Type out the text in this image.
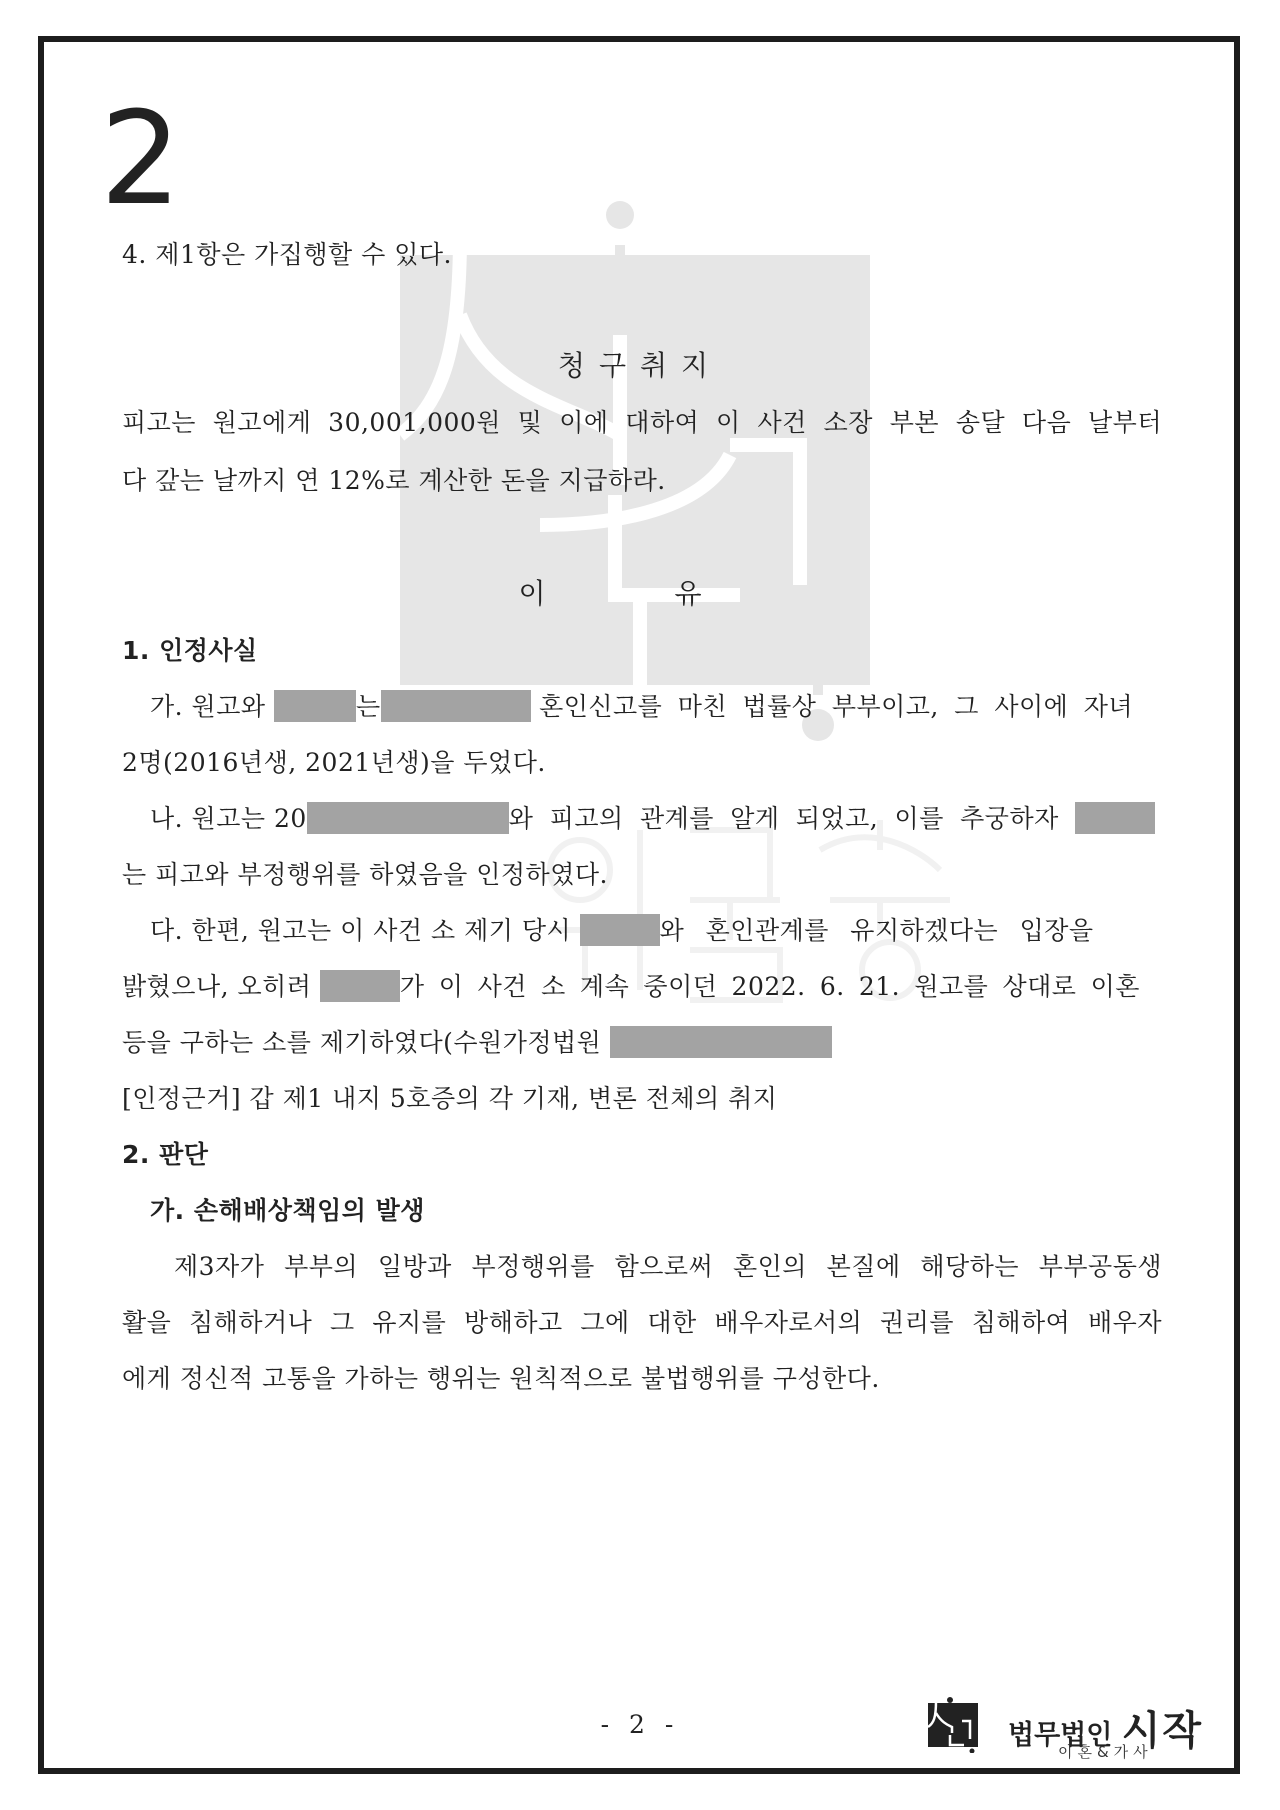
2
4. 제1항은 가집행할 수 있다.
청구취지
피고는 원고에게 30,001,000원 및 이에 대하여 이 사건 소장 부본 송달 다음 날부터
다 갚는 날까지 연 12%로 계산한 돈을 지급하라.
이 유
1. 인정사실
가. 원고와	는	혼인신고를 마친 법률상 부부이고, 그 사이에 자녀
2명(2016년생, 2021년생)을 두었다.
나. 원고는 20	와 피고의 관계를 알게 되었고, 이를 추궁하자
는 피고와 부정행위를 하였음을 인정하였다.
다. 한편, 원고는 이 사건 소 제기 당시	와 혼인관계를 유지하겠다는 입장을
밝혔으나, 오히려	가 이 사건 소 계속 중이던 2022. 6. 21. 원고를 상대로 이혼
등을 구하는 소를 제기하였다(수원가정법원
[인정근거] 갑 제1 내지 5호증의 각 기재, 변론 전체의 취지
2. 판단
가. 손해배상책임의 발생
제3자가 부부의 일방과 부정행위를 함으로써 혼인의 본질에 해당하는 부부공동생
활을 침해하거나 그 유지를 방해하고 그에 대한 배우자로서의 권리를 침해하여 배우자
에게 정신적 고통을 가하는 행위는 원칙적으로 불법행위를 구성한다.
- 2 -	법무법인 시작
이혼&가사
